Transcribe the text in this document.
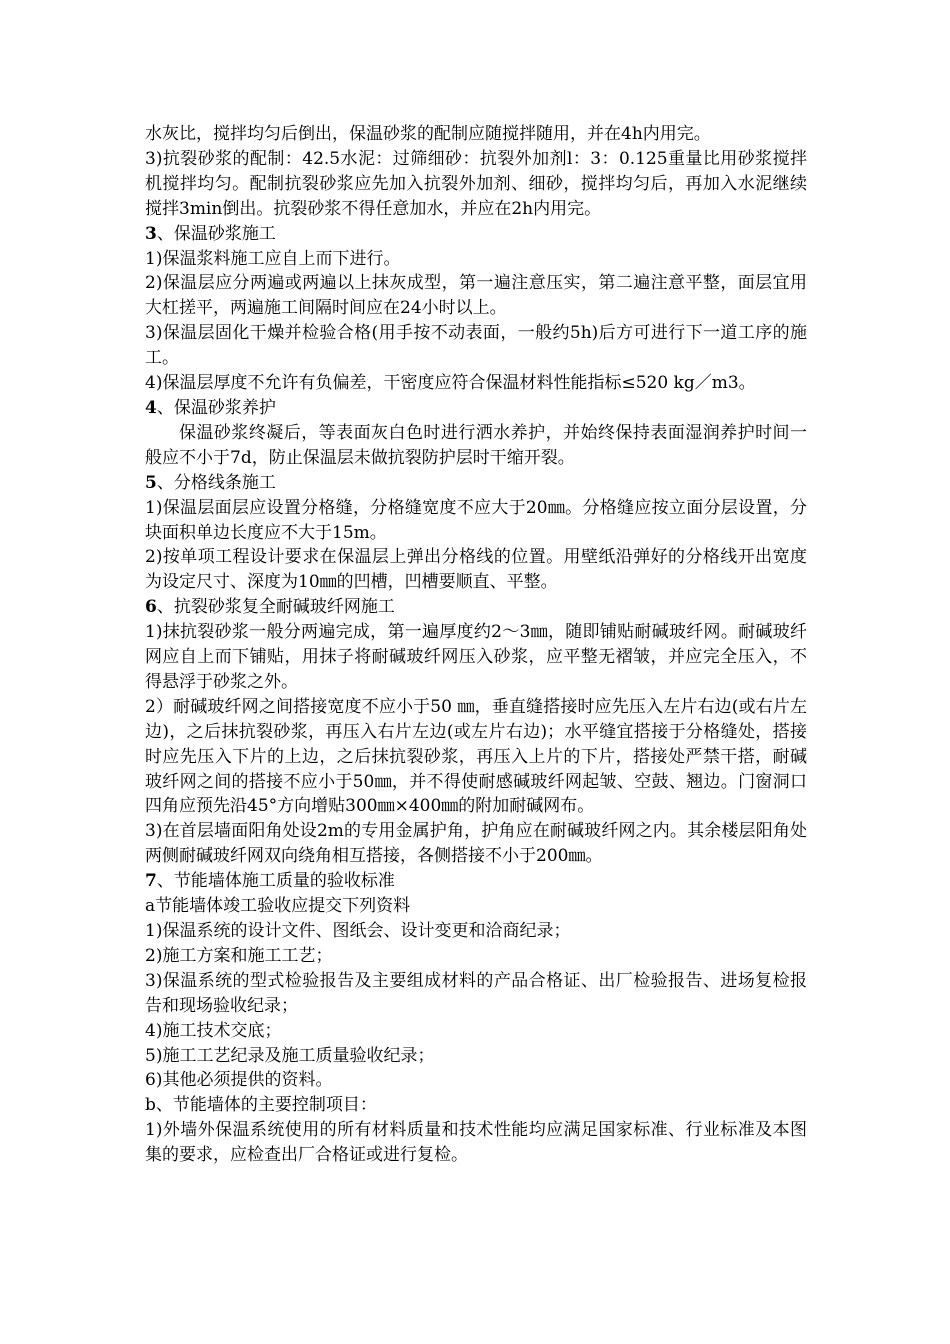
水灰比，搅拌均匀后倒出，保温砂浆的配制应随搅拌随用，并在4h内用完。

3)抗裂砂浆的配制：42.5水泥：过筛细砂：抗裂外加剂l：3：0.125重量比用砂浆搅拌机搅拌均匀。配制抗裂砂浆应先加入抗裂外加剂、细砂，搅拌均匀后，再加入水泥继续搅拌3min倒出。抗裂砂浆不得任意加水，并应在2h内用完。

3、保温砂浆施工

1)保温浆料施工应自上而下进行。

2)保温层应分两遍或两遍以上抹灰成型，第一遍注意压实，第二遍注意平整，面层宜用大杠搓平，两遍施工间隔时间应在24小时以上。

3)保温层固化干燥并检验合格(用手按不动表面，一般约5h)后方可进行下一道工序的施工。

4)保温层厚度不允许有负偏差，干密度应符合保温材料性能指标≤520 kg／m3。

4、保温砂浆养护

保温砂浆终凝后，等表面灰白色时进行洒水养护，并始终保持表面湿润养护时间一般应不小于7d，防止保温层未做抗裂防护层时干缩开裂。

5、分格线条施工

1)保温层面层应设置分格缝，分格缝宽度不应大于20㎜。分格缝应按立面分层设置，分块面积单边长度应不大于15m。

2)按单项工程设计要求在保温层上弹出分格线的位置。用壁纸沿弹好的分格线开出宽度为设定尺寸、深度为10㎜的凹槽，凹槽要顺直、平整。

6、抗裂砂浆复全耐碱玻纤网施工

1)抹抗裂砂浆一般分两遍完成，第一遍厚度约2～3㎜，随即铺贴耐碱玻纤网。耐碱玻纤网应自上而下铺贴，用抹子将耐碱玻纤网压入砂浆，应平整无褶皱，并应完全压入，不得悬浮于砂浆之外。

2）耐碱玻纤网之间搭接宽度不应小于50 ㎜，垂直缝搭接时应先压入左片右边(或右片左边)，之后抹抗裂砂浆，再压入右片左边(或左片右边)；水平缝宜搭接于分格缝处，搭接时应先压入下片的上边，之后抹抗裂砂浆，再压入上片的下片，搭接处严禁干搭，耐碱玻纤网之间的搭接不应小于50㎜，并不得使耐感碱玻纤网起皱、空鼓、翘边。门窗洞口四角应预先沿45°方向增贴300㎜×400㎜的附加耐碱网布。

3)在首层墙面阳角处设2m的专用金属护角，护角应在耐碱玻纤网之内。其余楼层阳角处两侧耐碱玻纤网双向绕角相互搭接，各侧搭接不小于200㎜。

7、节能墙体施工质量的验收标准

a节能墙体竣工验收应提交下列资料

1)保温系统的设计文件、图纸会、设计变更和洽商纪录；

2)施工方案和施工工艺；

3)保温系统的型式检验报告及主要组成材料的产品合格证、出厂检验报告、进场复检报告和现场验收纪录；

4)施工技术交底；

5)施工工艺纪录及施工质量验收纪录；

6)其他必须提供的资料。

b、节能墙体的主要控制项目：

1)外墙外保温系统使用的所有材料质量和技术性能均应满足国家标准、行业标准及本图集的要求，应检查出厂合格证或进行复检。
